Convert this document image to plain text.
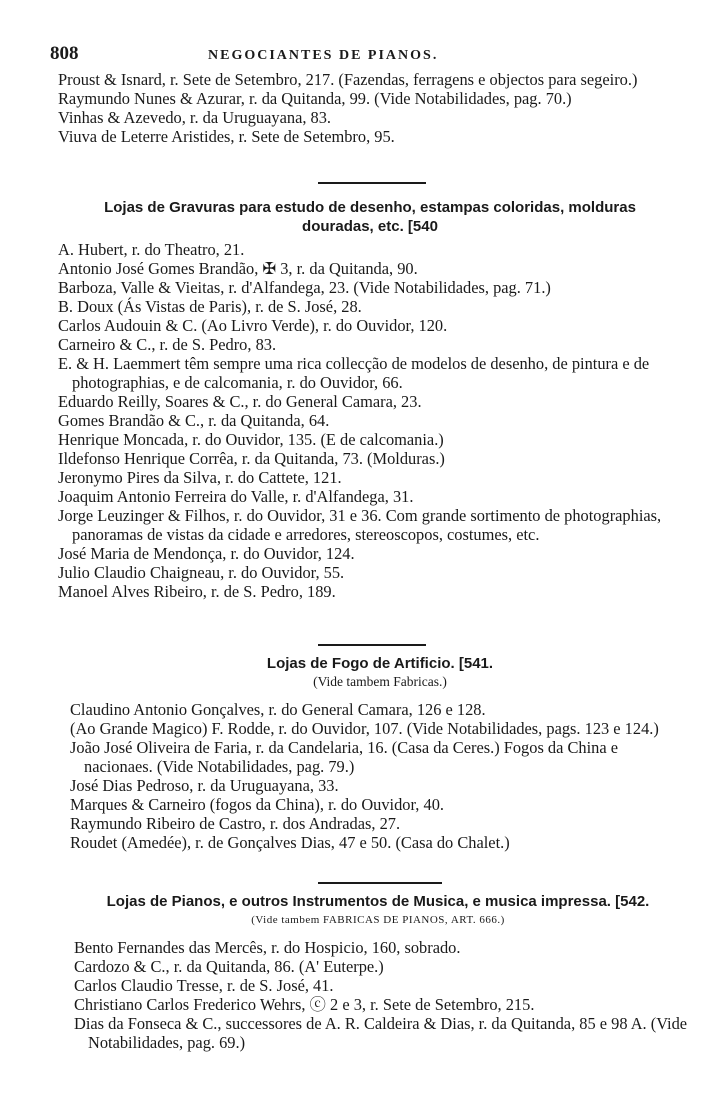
808	NEGOCIANTES DE PIANOS.
Proust & Isnard, r. Sete de Setembro, 217. (Fazendas, ferragens e objectos para segeiro.)
Raymundo Nunes & Azurar, r. da Quitanda, 99. (Vide Notabilidades, pag. 70.)
Vinhas & Azevedo, r. da Uruguayana, 83.
Viuva de Leterre Aristides, r. Sete de Setembro, 95.
Lojas de Gravuras para estudo de desenho, estampas coloridas, molduras douradas, etc. [540
A. Hubert, r. do Theatro, 21.
Antonio José Gomes Brandão, ✠ 3, r. da Quitanda, 90.
Barboza, Valle & Vieitas, r. d'Alfandega, 23. (Vide Notabilidades, pag. 71.)
B. Doux (Ás Vistas de Paris), r. de S. José, 28.
Carlos Audouin & C. (Ao Livro Verde), r. do Ouvidor, 120.
Carneiro & C., r. de S. Pedro, 83.
E. & H. Laemmert têm sempre uma rica collecção de modelos de desenho, de pintura e de photographias, e de calcomania, r. do Ouvidor, 66.
Eduardo Reilly, Soares & C., r. do General Camara, 23.
Gomes Brandão & C., r. da Quitanda, 64.
Henrique Moncada, r. do Ouvidor, 135. (E de calcomania.)
Ildefonso Henrique Corrêa, r. da Quitanda, 73. (Molduras.)
Jeronymo Pires da Silva, r. do Cattete, 121.
Joaquim Antonio Ferreira do Valle, r. d'Alfandega, 31.
Jorge Leuzinger & Filhos, r. do Ouvidor, 31 e 36. Com grande sortimento de photographias, panoramas de vistas da cidade e arredores, stereoscopos, costumes, etc.
José Maria de Mendonça, r. do Ouvidor, 124.
Julio Claudio Chaigneau, r. do Ouvidor, 55.
Manoel Alves Ribeiro, r. de S. Pedro, 189.
Lojas de Fogo de Artificio. [541.
(Vide tambem Fabricas.)
Claudino Antonio Gonçalves, r. do General Camara, 126 e 128.
(Ao Grande Magico) F. Rodde, r. do Ouvidor, 107. (Vide Notabilidades, pags. 123 e 124.)
João José Oliveira de Faria, r. da Candelaria, 16. (Casa da Ceres.) Fogos da China e nacionaes. (Vide Notabilidades, pag. 79.)
José Dias Pedroso, r. da Uruguayana, 33.
Marques & Carneiro (fogos da China), r. do Ouvidor, 40.
Raymundo Ribeiro de Castro, r. dos Andradas, 27.
Roudet (Amedée), r. de Gonçalves Dias, 47 e 50. (Casa do Chalet.)
Lojas de Pianos, e outros Instrumentos de Musica, e musica impressa. [542.
(Vide tambem FABRICAS DE PIANOS, ART. 666.)
Bento Fernandes das Mercês, r. do Hospicio, 160, sobrado.
Cardozo & C., r. da Quitanda, 86. (A' Euterpe.)
Carlos Claudio Tresse, r. de S. José, 41.
Christiano Carlos Frederico Wehrs, ⓒ 2 e 3, r. Sete de Setembro, 215.
Dias da Fonseca & C., successores de A. R. Caldeira & Dias, r. da Quitanda, 85 e 98 A. (Vide Notabilidades, pag. 69.)
